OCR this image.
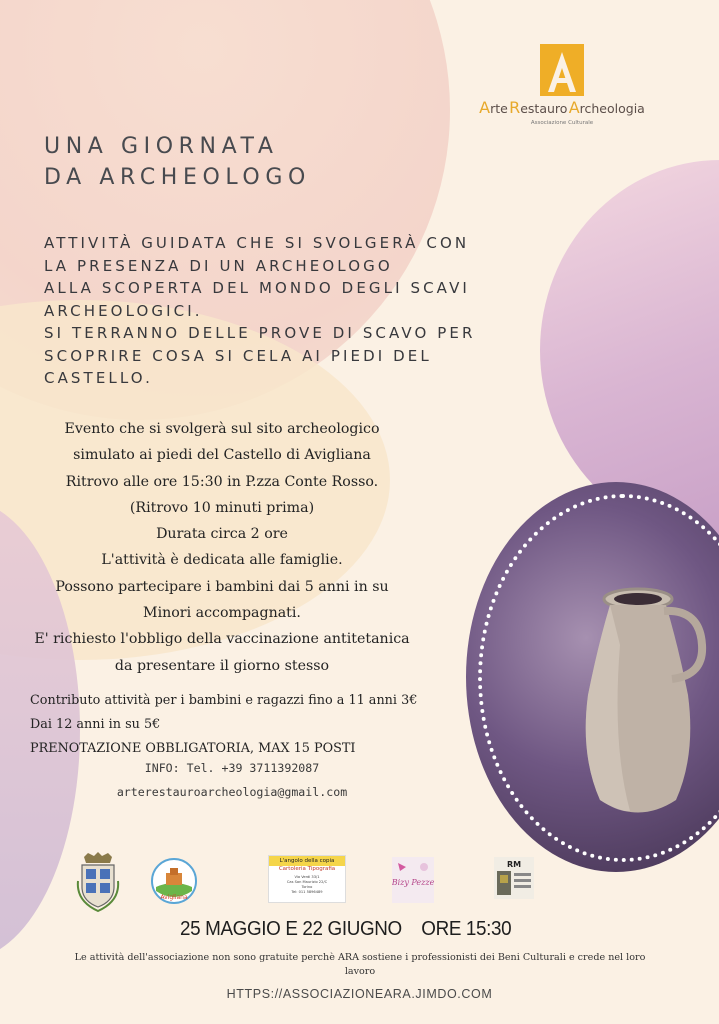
Arte Restauro Archeologia
Associazione Culturale
UNA GIORNATA
DA ARCHEOLOGO
ATTIVITÀ GUIDATA CHE SI SVOLGERÀ CON
LA PRESENZA DI UN ARCHEOLOGO
ALLA SCOPERTA DEL MONDO DEGLI SCAVI
ARCHEOLOGICI.
SI TERRANNO DELLE PROVE DI SCAVO PER
SCOPRIRE COSA SI CELA AI PIEDI DEL
CASTELLO.
Evento che si svolgerà sul sito archeologico
simulato ai piedi del Castello di Avigliana
Ritrovo alle ore 15:30 in P.zza Conte Rosso.
(Ritrovo 10 minuti prima)
Durata circa 2 ore
L'attività è dedicata alle famiglie.
Possono partecipare i bambini dai 5 anni in su
Minori accompagnati.
E' richiesto l'obbligo della vaccinazione antitetanica
da presentare il giorno stesso
Contributo attività per i bambini e ragazzi fino a 11 anni 3€
Dai 12 anni in su 5€
PRENOTAZIONE OBBLIGATORIA, MAX 15 POSTI
INFO: Tel. +39 3711392087
arterestauroarcheologia@gmail.com
Avigliana
L'angolo della copia
Cartoleria Tipografia
Via Verdi 33/1
Cas San Maurizio 22/C
Torino
Tel: 011 5896489
Bizy Pezze
RM
25 MAGGIO E 22 GIUGNO    ORE 15:30
Le attività dell'associazione non sono gratuite perchè ARA sostiene i professionisti dei Beni Culturali e crede nel loro lavoro
HTTPS://ASSOCIAZIONEARA.JIMDO.COM
